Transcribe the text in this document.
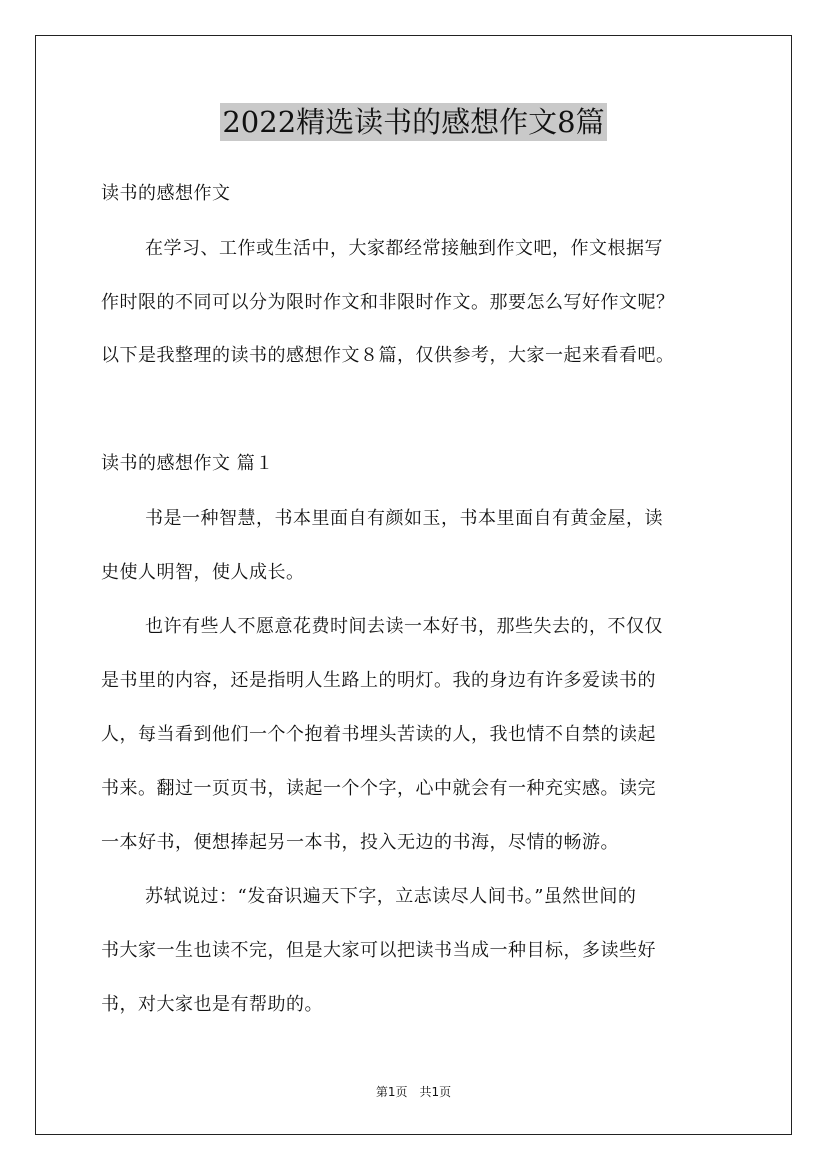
2022精选读书的感想作文8篇
读书的感想作文
在学习、工作或生活中，大家都经常接触到作文吧，作文根据写
作时限的不同可以分为限时作文和非限时作文。那要怎么写好作文呢？
以下是我整理的读书的感想作文８篇，仅供参考，大家一起来看看吧。
读书的感想作文 篇１
书是一种智慧，书本里面自有颜如玉，书本里面自有黄金屋，读
史使人明智，使人成长。
也许有些人不愿意花费时间去读一本好书，那些失去的，不仅仅
是书里的内容，还是指明人生路上的明灯。我的身边有许多爱读书的
人，每当看到他们一个个抱着书埋头苦读的人，我也情不自禁的读起
书来。翻过一页页书，读起一个个字，心中就会有一种充实感。读完
一本好书，便想捧起另一本书，投入无边的书海，尽情的畅游。
苏轼说过：“发奋识遍天下字，立志读尽人间书。”虽然世间的
书大家一生也读不完，但是大家可以把读书当成一种目标，多读些好
书，对大家也是有帮助的。
第1页　共1页
